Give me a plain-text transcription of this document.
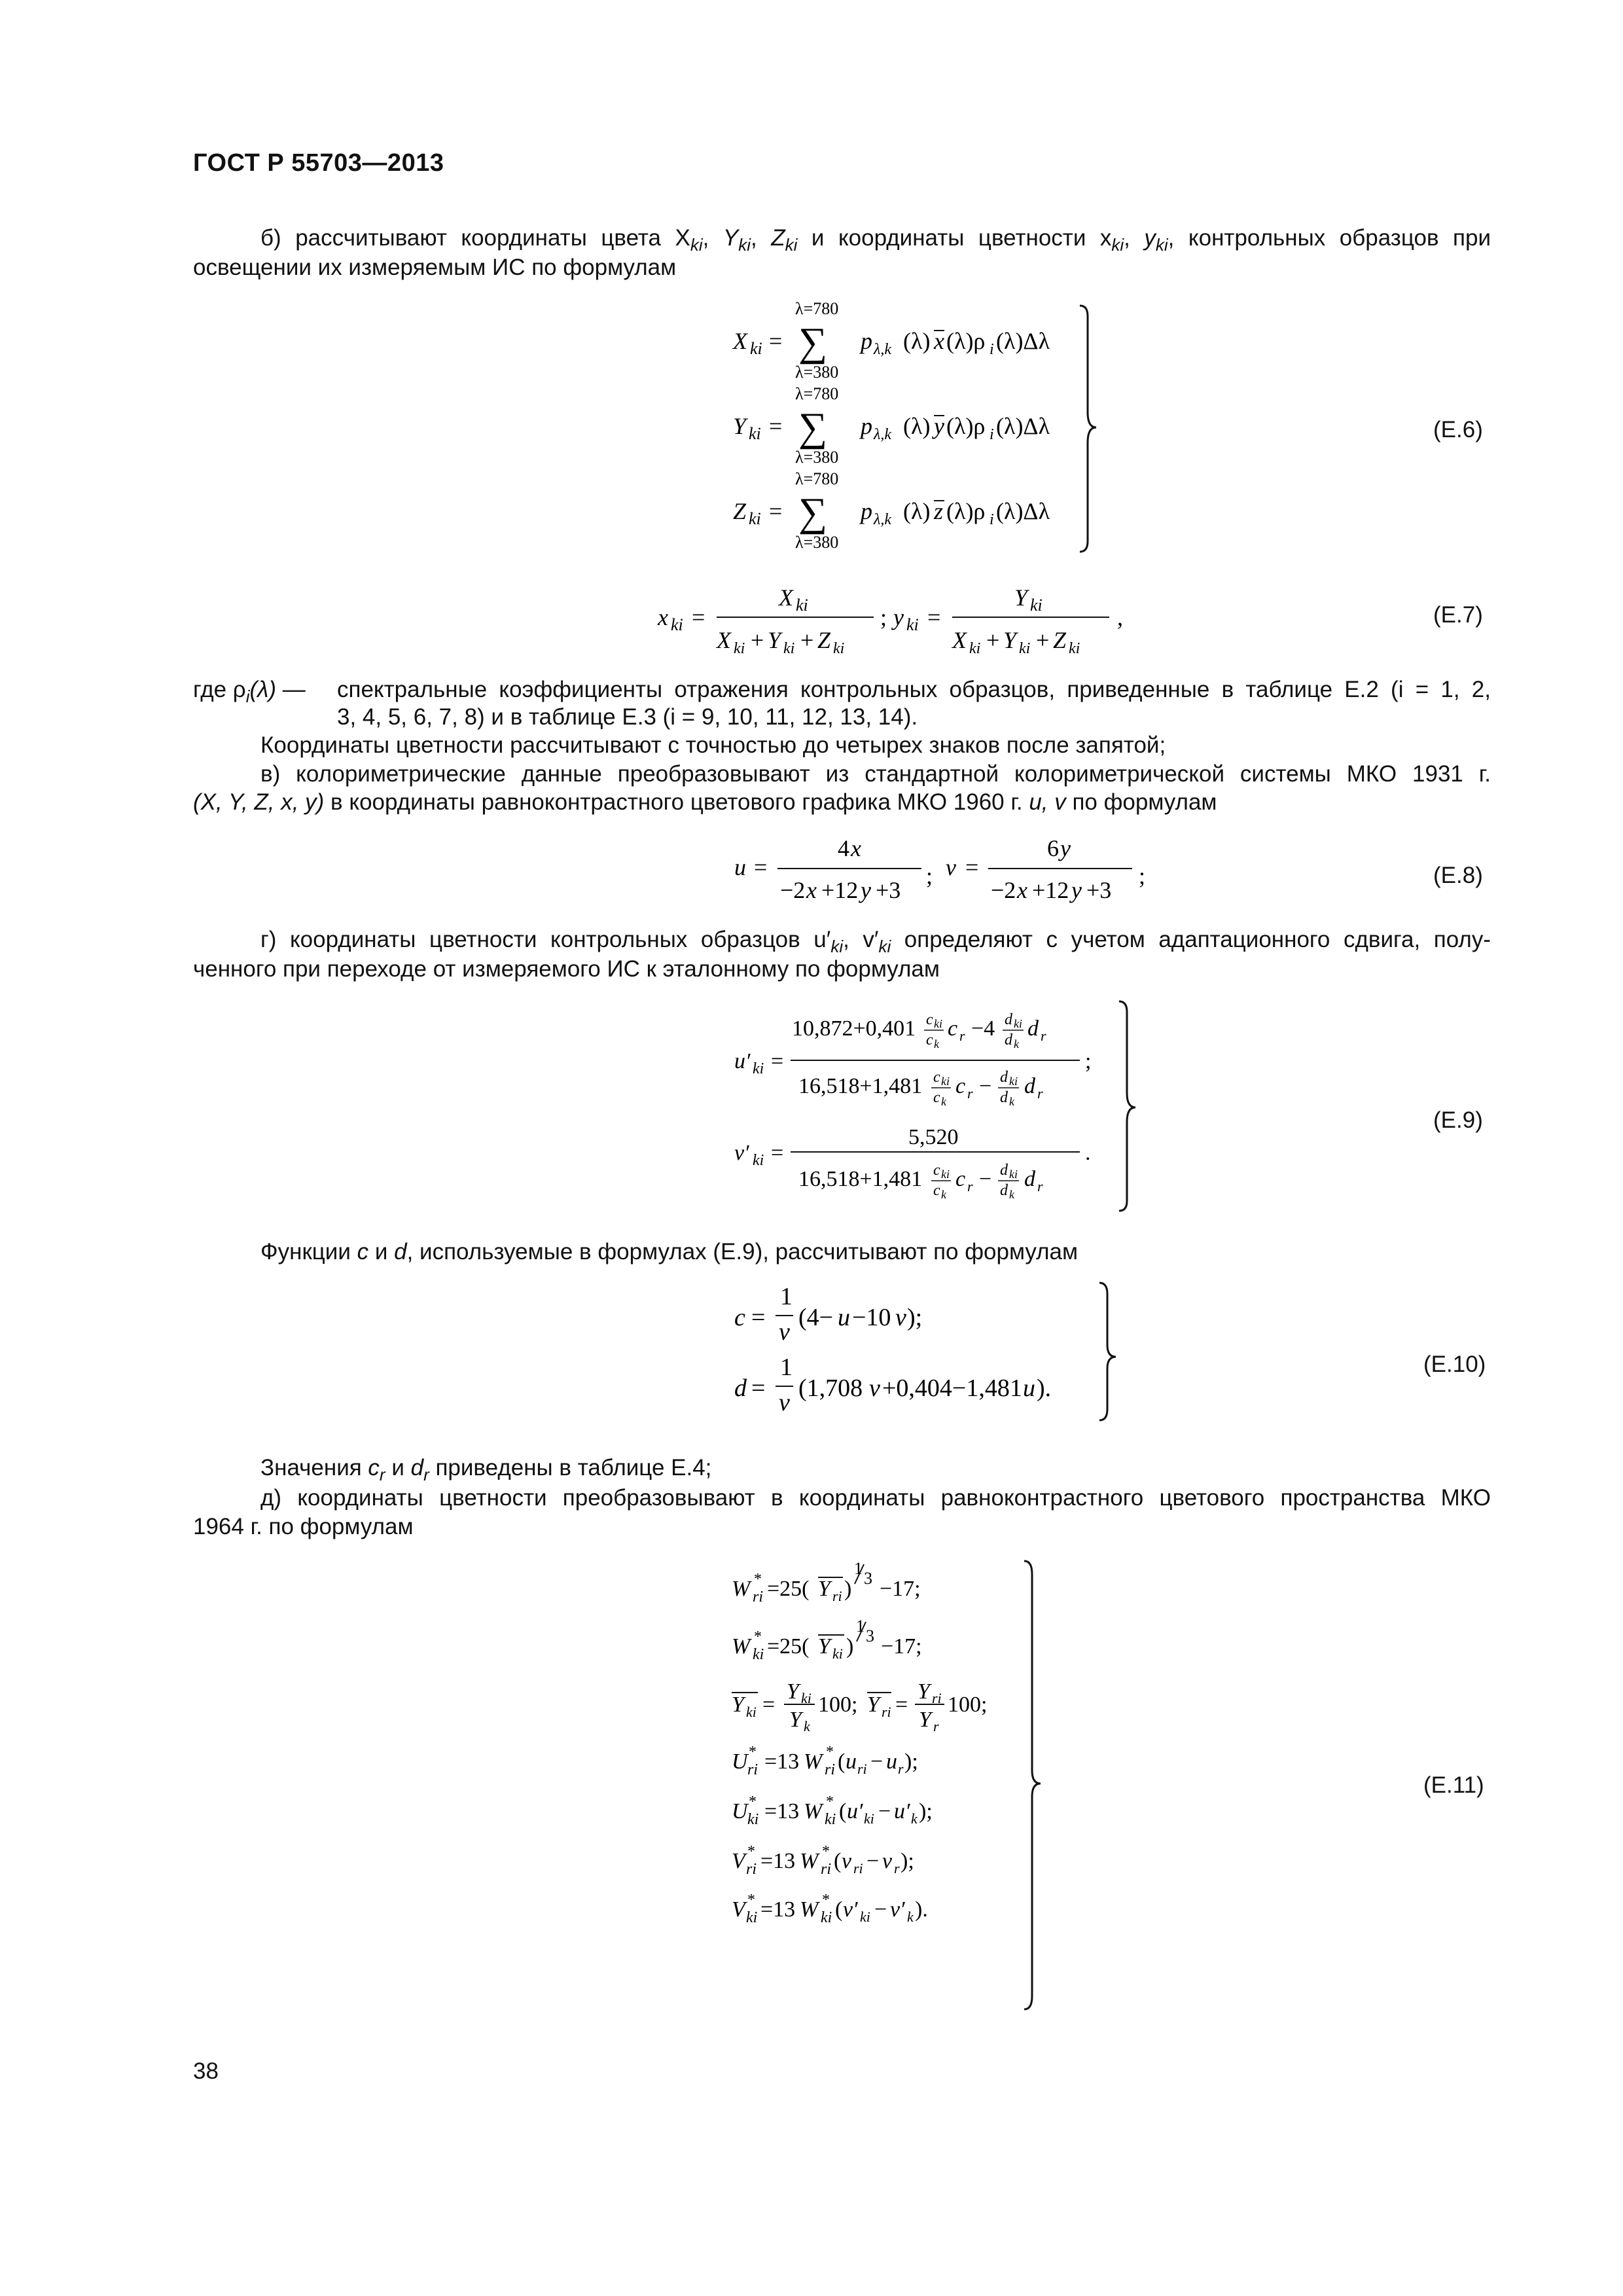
ГОСТ Р 55703—2013
б) рассчитывают координаты цвета $X_{ki}$, $Y_{ki}$, $Z_{ki}$ и координаты цветности $x_{ki}$, $y_{ki}$, контрольных образцов при
освещении их измеряемым ИС по формулам
λ=780
X ki = ∑
λ=380
p λ,k (λ) x (λ)ρ i (λ)Δλ
λ=780
Y ki = ∑
λ=380
p λ,k (λ) y (λ)ρ i (λ)Δλ
λ=780
Z ki = ∑
λ=380
p λ,k (λ) z (λ)ρ i (λ)Δλ
(Е.6)
x ki =
X ki
X ki + Y ki + Z ki
; y ki =
Y ki
X ki + Y ki + Z ki
,	(Е.7)
где $\rho_i(\lambda)$ — спектральные коэффициенты отражения контрольных образцов, приведенные в таблице Е.2 (i = 1, 2,
3, 4, 5, 6, 7, 8) и в таблице Е.3 (i = 9, 10, 11, 12, 13, 14).
Координаты цветности рассчитывают с точностью до четырех знаков после запятой;
в) колориметрические данные преобразовывают из стандартной колориметрической системы МКО 1931 г.
(X, Y, Z, x, y) в координаты равноконтрастного цветового графика МКО 1960 г. u, v по формулам
u =
4 x
−2 x +12 y +3
; v =
6 y
−2 x +12 y +3
;	(Е.8)
г) координаты цветности контрольных образцов $u'_{ki}$, $v'_{ki}$ определяют с учетом адаптационного сдвига, полу-
ченного при переходе от измеряемого ИС к эталонному по формулам
u′ ki =
10,872+0,401 c ki
c k
c r −4 d ki
d k
d r
;
16,518+1,481 c ki
c k
c r − d ki
d k
d r
v′ ki =
5,520
.
16,518+1,481 c ki
c k
c r − d ki
d k
d r
(Е.9)
Функции c и d, используемые в формулах (Е.9), рассчитывают по формулам
c =
1
v
(4− u −10 v );
d =
1
v
(1,708 v +0,404−1,481 u ).
(Е.10)
Значения $c_r$ и $d_r$ приведены в таблице Е.4;
д) координаты цветности преобразовывают в координаты равноконтрастного цветового пространства МКО
1964 г. по формулам
W *
ri =25( Y ri )
1
3 −17;
W *
ki =25( Y ki )
1
3 −17;
Y ki =
Y ki
Y k
100; Y ri =
Y ri
Y r
100;
U *
ri =13 W *
ri ( u ri − u r );
U *
ki =13 W *
ki ( u′ ki − u′ k );
V *
ri =13 W *
ri ( v ri − v r );
V *
ki =13 W *
ki ( v′ ki − v′ k ).
(Е.11)
38
